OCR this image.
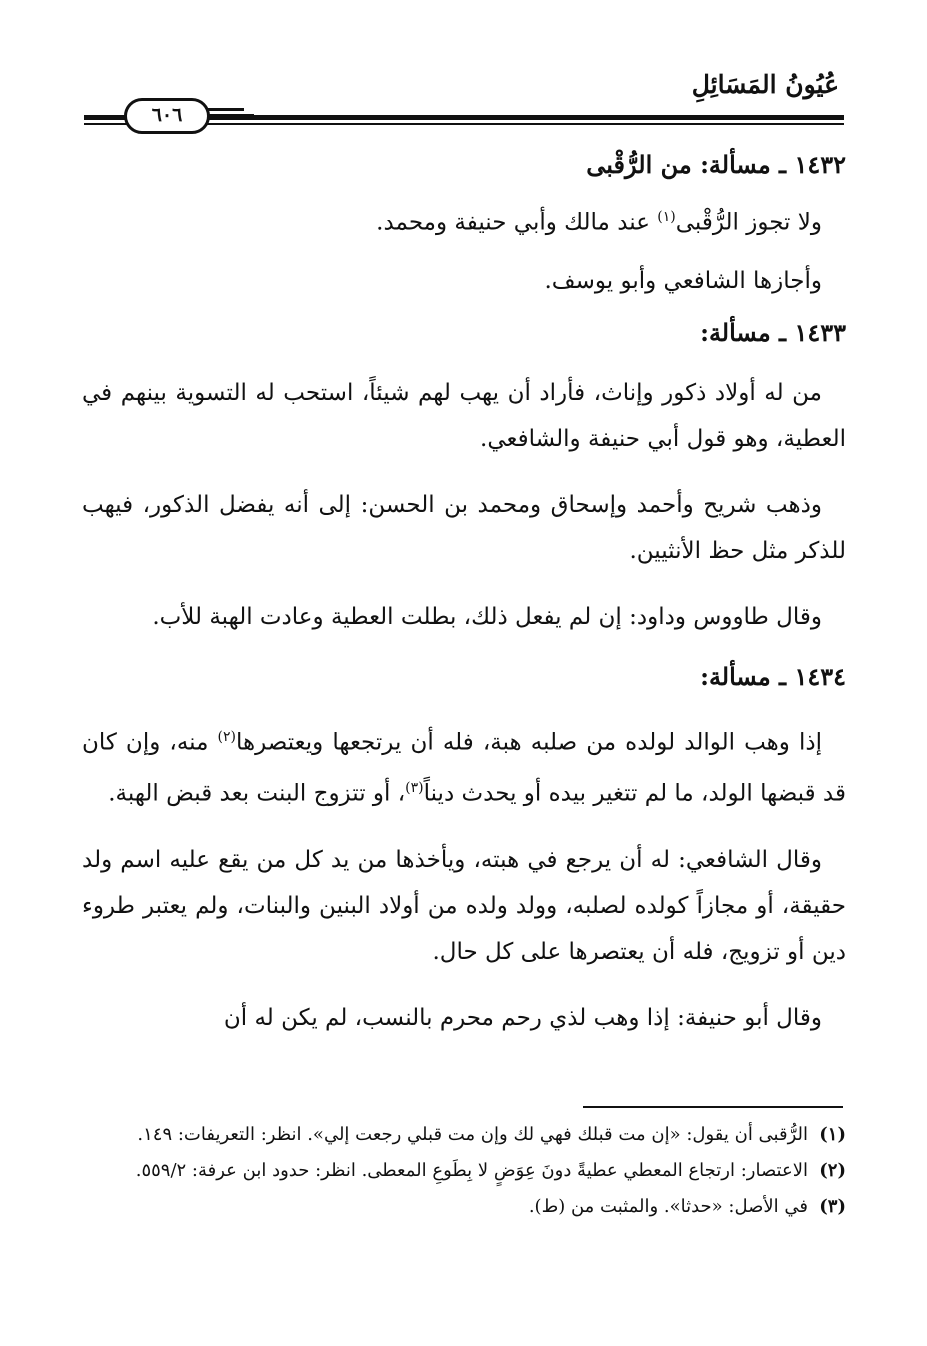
عُيُونُ المَسَائِلِ
٦٠٦

١٤٣٢ ـ مسألة: من الرُّقْبى

ولا تجوز الرُّقْبى$^{(١)}$ عند مالك وأبي حنيفة ومحمد.

وأجازها الشافعي وأبو يوسف.

١٤٣٣ ـ مسألة:

من له أولاد ذكور وإناث، فأراد أن يهب لهم شيئاً، استحب له التسوية بينهم في العطية، وهو قول أبي حنيفة والشافعي.

وذهب شريح وأحمد وإسحاق ومحمد بن الحسن: إلى أنه يفضل الذكور، فيهب للذكر مثل حظ الأنثيين.

وقال طاووس وداود: إن لم يفعل ذلك، بطلت العطية وعادت الهبة للأب.

١٤٣٤ ـ مسألة:

إذا وهب الوالد لولده من صلبه هبة، فله أن يرتجعها ويعتصرها$^{(٢)}$ منه، وإن كان قد قبضها الولد، ما لم تتغير بيده أو يحدث ديناً$^{(٣)}$، أو تتزوج البنت بعد قبض الهبة.

وقال الشافعي: له أن يرجع في هبته، ويأخذها من يد كل من يقع عليه اسم ولد حقيقة، أو مجازاً كولده لصلبه، وولد ولده من أولاد البنين والبنات، ولم يعتبر طروء دين أو تزويج، فله أن يعتصرها على كل حال.

وقال أبو حنيفة: إذا وهب لذي رحم محرم بالنسب، لم يكن له أن

(١)
الرُّقبى أن يقول: «إن مت قبلك فهي لك وإن مت قبلي رجعت إلي». انظر: التعريفات: ١٤٩.
(٢)
الاعتصار: ارتجاع المعطي عطيةً دونَ عِوَضٍ لا بِطَوعِ المعطى. انظر: حدود ابن عرفة: ٥٥٩/٢.
(٣)
في الأصل: «حدثا». والمثبت من (ط).
